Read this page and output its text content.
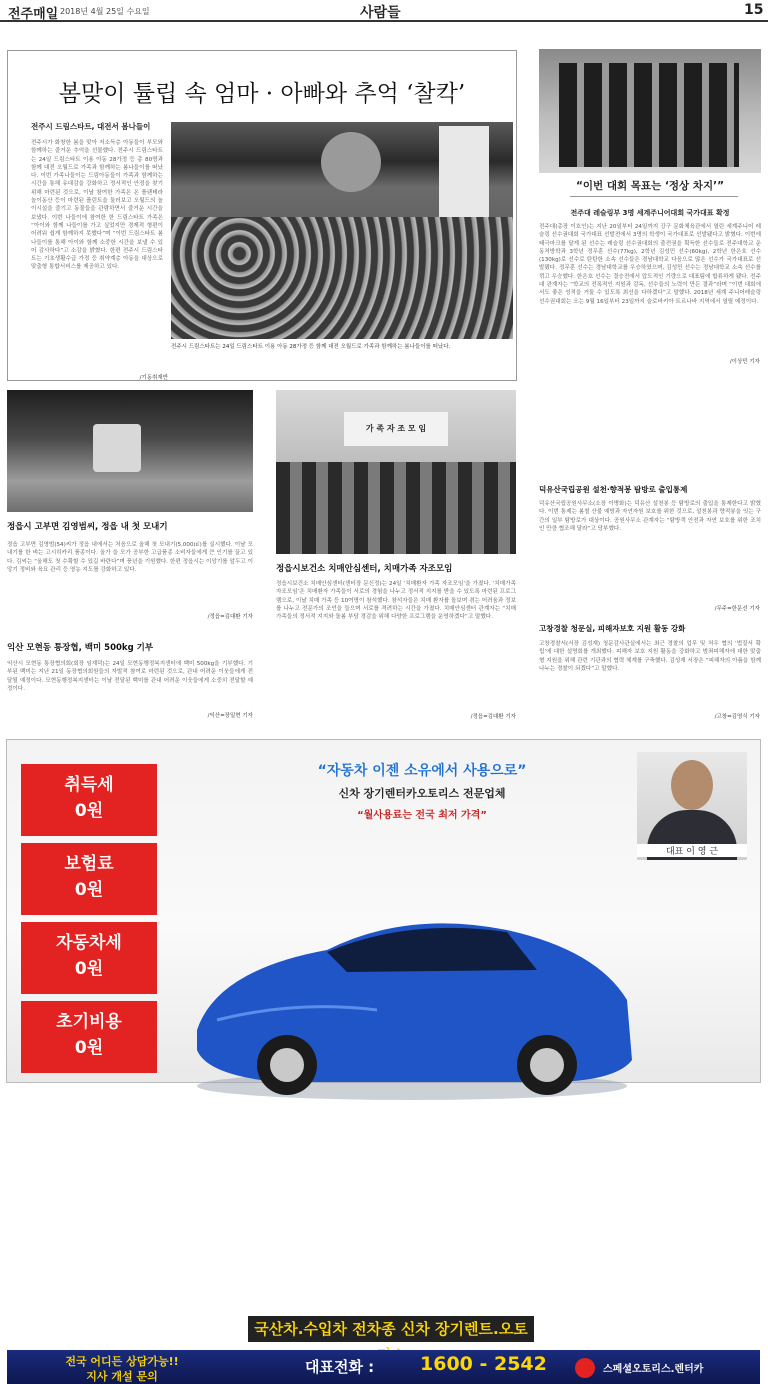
전주매일 2018년 4월 25일 수요일	사람들	15
봄맞이 튤립 속 엄마 · 아빠와 추억 ‘찰칵’
전주시 드림스타트, 대전서 봄나들이
전주시가 화창한 봄을 맞아 저소득층 아동들이 부모와 함께하는 즐거운 추억을 선물했다. 전주시 드림스타트는 24일 드림스타트 이용 아동 28가정 등 총 80명과 함께 대전 오월드로 가족과 함께하는 봄나들이를 떠났다. 이번 가족나들이는 드림아동들이 가족과 함께하는 시간을 통해 유대감을 강화하고 정서적인 안정을 찾기 위해 마련된 것으로, 이날 참여한 가족은 온 플랜테라 놀이동산 등이 마련된 플린트을 둘러보고 오월드의 놀이시설을 즐기고 동물들을 관람하면서 즐거운 시간을 보냈다. 이번 나들이에 참여한 한 드림스타트 가족은 “아이와 함께 나들이를 가고 싶었지만 경제적 형편이 어려워 쉽게 함께하지 못했다”며 “이번 드림스타트 봄나들이를 통해 아이와 함께 소중한 시간을 보낼 수 있어 감사하다”고 소감을 밝혔다. 한편 전주시 드림스타트는 기초생활수급 가정 등 취약계층 아동을 대상으로 맞춤형 통합서비스를 제공하고 있다.
/기동취재반
전주시 드림스타트는 24일 드림스타트 이용 아동 28가정 등 함께 대전 오월드로 가족과 함께하는 봄나들이를 떠났다.
“이번 대회 목표는 ‘정상 차지’”
전주대 레슬링부 3명 세계주니어대회 국가대표 확정
전주대(총장 이호인)는 지난 20일부터 24일까지 강구 문화체육관에서 열린 세계주니어 레슬링 선수권대회 국가대표 선발전에서 3명의 학생이 국가대표로 선발됐다고 밝혔다. 이번에 태극마크를 달게 된 선수는 레슬링 선수권대회의 출전권을 획득한 선수들로 전주대학교 운동처방학과 3학년 정무훈 선수(77kg), 2학년 김성민 선수(60kg), 2학년 한은호 선수(130kg)로 선수로 탄탄한 소속 선수들은 경남대학교 다음으로 많은 선수가 국가대표로 선발됐다. 정무훈 선수는 경남대학교를 우승하였으며, 김성민 선수는 경남대학교 소속 선수를 꺾고 우승했다. 한은호 선수는 결승전에서 압도적인 기량으로 대표팀에 합류하게 됐다. 전주대 관계자는 “학교의 전폭적인 지원과 감독, 선수들의 노력이 만든 결과”라며 “이번 대회에서도 좋은 성적을 거둘 수 있도록 최선을 다하겠다”고 말했다. 2018년 세계 주니어레슬링 선수권대회는 오는 9월 16일부터 23일까지 슬로바키아 트르나바 지역에서 열릴 예정이다.
/이상민 기자
정읍시 고부면 김영범씨, 정읍 내 첫 모내기
정읍 고부면 김영범(54)씨가 정읍 내에서는 처음으로 올해 첫 모내기(5,000㎡)를 실시했다. 이날 모내기를 한 벼는 고시히카리 품종이다. 올가 을 모가 공부한 고급품종 소비자들에게 큰 인기를 끌고 있다. 김씨는 “올해도 첫 수확할 수 있길 바란다”며 풍년을 기원했다. 한편 정읍시는 이앙기를 앞두고 이앙기 정비와 육묘 관리 등 영농 지도를 강화하고 있다.
/정읍=김대환 기자
익산 모현동 통장협, 백미 500kg 기부
익산시 모현동 통장협의회(회장 임재덕)는 24일 모현동행정복지센터에 백미 500kg을 기부했다. 기부된 백미는 지난 21일 동장협의회원들의 자발적 참여로 마련된 것으로, 관내 어려운 이웃들에게 전달될 예정이다. 모현동행정복지센터는 이날 전달된 백미를 관내 어려운 이웃들에게 소중히 전달할 예정이다.
/익산=장일현 기자
가 족 자 조 모 임
정읍시보건소 치매안심센터, 치매가족 자조모임
정읍시보건소 치매안심센터(센터장 문신정)는 24일 ‘치매환자 가족 자조모임’을 가졌다. ‘치매가족 자조모임’은 치매환자 가족들이 서로의 경험을 나누고 정서적 지지를 받을 수 있도록 마련된 프로그램으로, 이날 치매 가족 등 10여명이 참석했다. 참석자들은 치매 환자를 돌보며 겪는 어려움과 정보를 나누고 전문가의 조언을 들으며 서로를 격려하는 시간을 가졌다. 치매안심센터 관계자는 “치매가족들의 정서적 지지와 돌봄 부담 경감을 위해 다양한 프로그램을 운영하겠다”고 말했다.
/정읍=김대환 기자
덕유산국립공원 설천·향적봉 탐방로 출입통제
덕유산국립공원사무소(소장 이병화)는 덕유산 설천봉 등 탐방로의 출입을 통제한다고 밝혔다. 이번 통제는 봄철 산불 예방과 자연자원 보호를 위한 것으로, 설천봉과 향적봉을 잇는 구간의 일부 탐방로가 대상이다. 공원사무소 관계자는 “탐방객 안전과 자연 보호를 위한 조치인 만큼 협조해 달라”고 당부했다.
/무주=한문선 기자
고창경찰 청문실, 피해자보호 지원 활동 강화
고창경찰서(서장 김성재) 청문감사관실에서는 최근 경찰의 업무 및 처우 협의 ‘법질서 확립’에 대한 설명회를 개최했다. 피해자 보호 지원 활동을 강화하고 범죄피해자에 대한 맞춤형 지원을 위해 관련 기관과의 협력 체계를 구축했다. 김성재 서장은 “피해자의 아픔을 함께 나누는 경찰이 되겠다”고 말했다.
/고창=김영식 기자
취득세
0원
보험료
0원
자동차세
0원
초기비용
0원
“자동차 이젠 소유에서 사용으로”
신차 장기렌터카오토리스 전문업체
“월사용료는 전국 최저 가격”
대표 이 영 근
국산차.수입차 전차종 신차 장기렌트.오토
전국 어디든 상담가능!!
지사 개설 문의
대표전화 : 1600 - 2542	스페셜오토리스.렌터카
